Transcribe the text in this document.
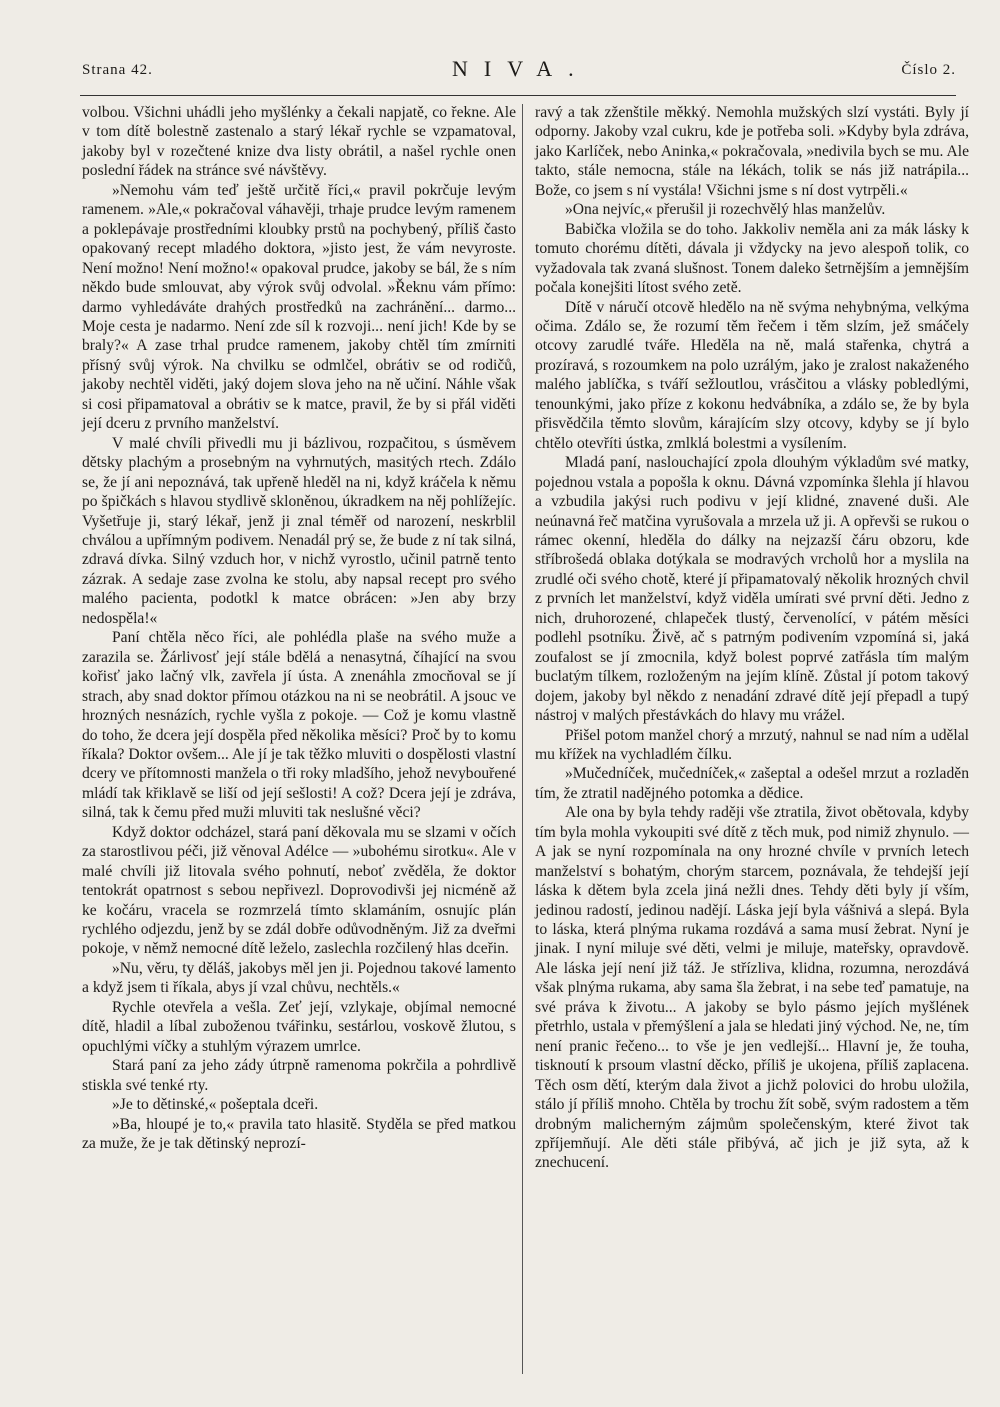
Strana 42.	NIVA.	Číslo 2.

volbou. Všichni uhádli jeho myšlénky a čekali napjatě, co řekne. Ale v tom dítě bolestně zastenalo a starý lékař rychle se vzpamatoval, jakoby byl v rozečtené knize dva listy obrátil, a našel rychle onen poslední řádek na stránce své návštěvy.

»Nemohu vám teď ještě určitě říci,« pravil pokrčuje levým ramenem. »Ale,« pokračoval váhavěji, trhaje prudce levým ramenem a poklepávaje prostředními kloubky prstů na pochybený, příliš často opakovaný recept mladého doktora, »jisto jest, že vám nevyroste. Není možno! Není možno!« opakoval prudce, jakoby se bál, že s ním někdo bude smlouvat, aby výrok svůj odvolal. »Řeknu vám přímo: darmo vyhledáváte drahých prostředků na zachránění... darmo... Moje cesta je nadarmo. Není zde síl k rozvoji... není jich! Kde by se braly?« A zase trhal prudce ramenem, jakoby chtěl tím zmírniti přísný svůj výrok. Na chvilku se odmlčel, obrátiv se od rodičů, jakoby nechtěl viděti, jaký dojem slova jeho na ně učiní. Náhle však si cosi připamatoval a obrátiv se k matce, pravil, že by si přál viděti její dceru z prvního manželství.

V malé chvíli přivedli mu ji bázlivou, rozpačitou, s úsměvem dětsky plachým a prosebným na vyhrnutých, masitých rtech. Zdálo se, že jí ani nepoznává, tak upřeně hleděl na ni, když kráčela k němu po špičkách s hlavou stydlivě skloněnou, úkradkem na něj pohlížejíc. Vyšetřuje ji, starý lékař, jenž ji znal téměř od narození, neskrblil chválou a upřímným podivem. Nenadál prý se, že bude z ní tak silná, zdravá dívka. Silný vzduch hor, v nichž vyrostlo, učinil patrně tento zázrak. A sedaje zase zvolna ke stolu, aby napsal recept pro svého malého pacienta, podotkl k matce obrácen: »Jen aby brzy nedospěla!«

Paní chtěla něco říci, ale pohlédla plaše na svého muže a zarazila se. Žárlivosť její stále bdělá a nenasytná, číhající na svou kořisť jako lačný vlk, zavřela jí ústa. A znenáhla zmocňoval se jí strach, aby snad doktor přímou otázkou na ni se neobrátil. A jsouc ve hrozných nesnázích, rychle vyšla z pokoje. — Což je komu vlastně do toho, že dcera její dospěla před několika měsíci? Proč by to komu říkala? Doktor ovšem... Ale jí je tak těžko mluviti o dospělosti vlastní dcery ve přítomnosti manžela o tři roky mladšího, jehož nevybouřené mládí tak křiklavě se liší od její sešlosti! A což? Dcera její je zdráva, silná, tak k čemu před muži mluviti tak neslušné věci?

Když doktor odcházel, stará paní děkovala mu se slzami v očích za starostlivou péči, již věnoval Adélce — »ubohému sirotku«. Ale v malé chvíli již litovala svého pohnutí, neboť zvěděla, že doktor tentokrát opatrnost s sebou nepřivezl. Doprovodivši jej nicméně až ke kočáru, vracela se rozmrzelá tímto sklamáním, osnujíc plán rychlého odjezdu, jenž by se zdál dobře odůvodněným. Již za dveřmi pokoje, v němž nemocné dítě leželo, zaslechla rozčilený hlas dceřin.

»Nu, věru, ty děláš, jakobys měl jen ji. Pojednou takové lamento a když jsem ti říkala, abys jí vzal chůvu, nechtěls.«

Rychle otevřela a vešla. Zeť její, vzlykaje, objímal nemocné dítě, hladil a líbal zuboženou tvářinku, sestárlou, voskově žlutou, s opuchlými víčky a stuhlým výrazem umrlce.

Stará paní za jeho zády útrpně ramenoma pokrčila a pohrdlivě stiskla své tenké rty.

»Je to dětinské,« pošeptala dceři.

»Ba, hloupé je to,« pravila tato hlasitě. Styděla se před matkou za muže, že je tak dětinský neprozí-

ravý a tak zženštile měkký. Nemohla mužských slzí vystáti. Byly jí odporny. Jakoby vzal cukru, kde je potřeba soli. »Kdyby byla zdráva, jako Karlíček, nebo Aninka,« pokračovala, »nedivila bych se mu. Ale takto, stále nemocna, stále na lékách, tolik se nás již natrápila... Bože, co jsem s ní vystála! Všichni jsme s ní dost vytrpěli.«

»Ona nejvíc,« přerušil ji rozechvělý hlas manželův.

Babička vložila se do toho. Jakkoliv neměla ani za mák lásky k tomuto chorému dítěti, dávala ji vždycky na jevo alespoň tolik, co vyžadovala tak zvaná slušnost. Tonem daleko šetrnějším a jemnějším počala konejšiti lítost svého zetě.

Dítě v náručí otcově hledělo na ně svýma nehybnýma, velkýma očima. Zdálo se, že rozumí těm řečem i těm slzím, jež smáčely otcovy zarudlé tváře. Hleděla na ně, malá stařenka, chytrá a prozíravá, s rozoumkem na polo uzrálým, jako je zralost nakaženého malého jablíčka, s tváří sežloutlou, vrásčitou a vlásky pobledlými, tenounkými, jako příze z kokonu hedvábníka, a zdálo se, že by byla přisvědčila těmto slovům, kárajícím slzy otcovy, kdyby se jí bylo chtělo otevříti ústka, zmlklá bolestmi a vysílením.

Mladá paní, naslouchající zpola dlouhým výkladům své matky, pojednou vstala a popošla k oknu. Dávná vzpomínka šlehla jí hlavou a vzbudila jakýsi ruch podivu v její klidné, znavené duši. Ale neúnavná řeč matčina vyrušovala a mrzela už ji. A opřevši se rukou o rámec okenní, hleděla do dálky na nejzazší čáru obzoru, kde stříbrošedá oblaka dotýkala se modravých vrcholů hor a myslila na zrudlé oči svého chotě, které jí připamatovalý několik hrozných chvil z prvních let manželství, když viděla umírati své první děti. Jedno z nich, druhorozené, chlapeček tlustý, červenolící, v pátém měsíci podlehl psotníku. Živě, ač s patrným podivením vzpomíná si, jaká zoufalost se jí zmocnila, když bolest poprvé zatřásla tím malým buclatým tílkem, rozloženým na jejím klíně. Zůstal jí potom takový dojem, jakoby byl někdo z nenadání zdravé dítě její přepadl a tupý nástroj v malých přestávkách do hlavy mu vrážel.

Přišel potom manžel chorý a mrzutý, nahnul se nad ním a udělal mu křížek na vychladlém čílku.

»Mučedníček, mučedníček,« zašeptal a odešel mrzut a rozladěn tím, že ztratil nadějného potomka a dědice.

Ale ona by byla tehdy raději vše ztratila, život obětovala, kdyby tím byla mohla vykoupiti své dítě z těch muk, pod nimiž zhynulo. — A jak se nyní rozpomínala na ony hrozné chvíle v prvních letech manželství s bohatým, chorým starcem, poznávala, že tehdejší její láska k dětem byla zcela jiná nežli dnes. Tehdy děti byly jí vším, jedinou radostí, jedinou nadějí. Láska její byla vášnivá a slepá. Byla to láska, která plnýma rukama rozdává a sama musí žebrat. Nyní je jinak. I nyní miluje své děti, velmi je miluje, mateřsky, opravdově. Ale láska její není již táž. Je střízliva, klidna, rozumna, nerozdává však plnýma rukama, aby sama šla žebrat, i na sebe teď pamatuje, na své práva k životu... A jakoby se bylo pásmo jejích myšlének přetrhlo, ustala v přemýšlení a jala se hledati jiný východ. Ne, ne, tím není pranic řečeno... to vše je jen vedlejší... Hlavní je, že touha, tisknoutí k prsoum vlastní děcko, příliš je ukojena, příliš zaplacena. Těch osm dětí, kterým dala život a jichž polovici do hrobu uložila, stálo jí příliš mnoho. Chtěla by trochu žít sobě, svým radostem a těm drobným malicherným zájmům společenským, které život tak zpříjemňují. Ale děti stále přibývá, ač jich je již syta, až k znechucení.
